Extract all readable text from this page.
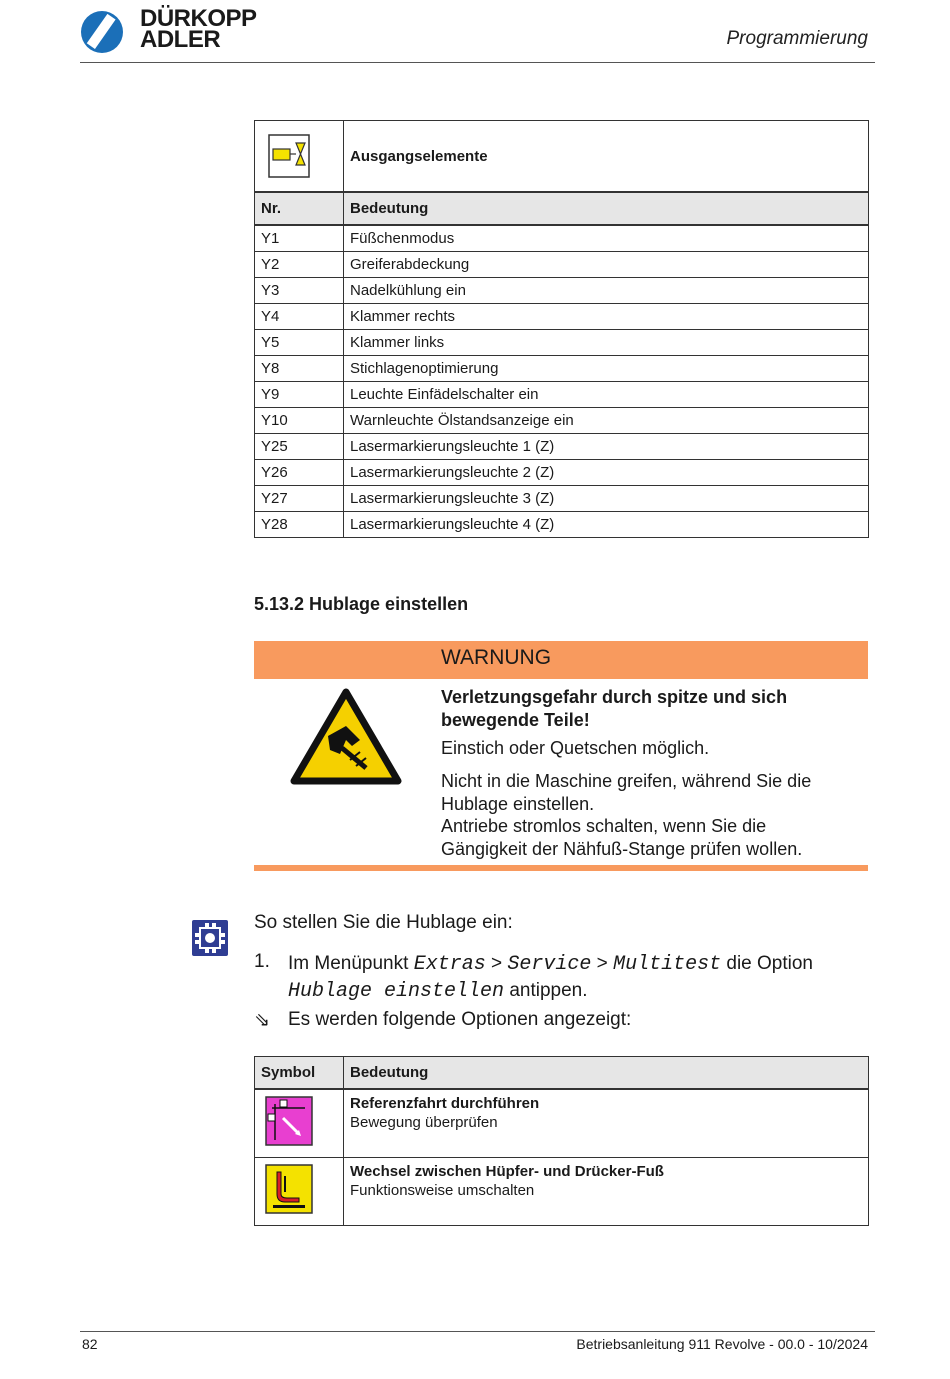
DÜRKOPP
ADLER	Programmierung
	Ausgangselemente
Nr.	Bedeutung
Y1	Füßchenmodus
Y2	Greiferabdeckung
Y3	Nadelkühlung ein
Y4	Klammer rechts
Y5	Klammer links
Y8	Stichlagenoptimierung
Y9	Leuchte Einfädelschalter ein
Y10	Warnleuchte Ölstandsanzeige ein
Y25	Lasermarkierungsleuchte 1 (Z)
Y26	Lasermarkierungsleuchte 2 (Z)
Y27	Lasermarkierungsleuchte 3 (Z)
Y28	Lasermarkierungsleuchte 4 (Z)
5.13.2 Hublage einstellen
WARNUNG
Verletzungsgefahr durch spitze und sich bewegende Teile!
Einstich oder Quetschen möglich.
Nicht in die Maschine greifen, während Sie die Hublage einstellen.
Antriebe stromlos schalten, wenn Sie die Gängigkeit der Nähfuß-Stange prüfen wollen.
So stellen Sie die Hublage ein:
1. Im Menüpunkt Extras > Service > Multitest die Option
Hublage einstellen antippen.
⇘ Es werden folgende Optionen angezeigt:
Symbol	Bedeutung

Referenzfahrt durchführen
Bewegung überprüfen

Wechsel zwischen Hüpfer- und Drücker-Fuß
Funktionsweise umschalten
82	Betriebsanleitung 911 Revolve - 00.0 - 10/2024
